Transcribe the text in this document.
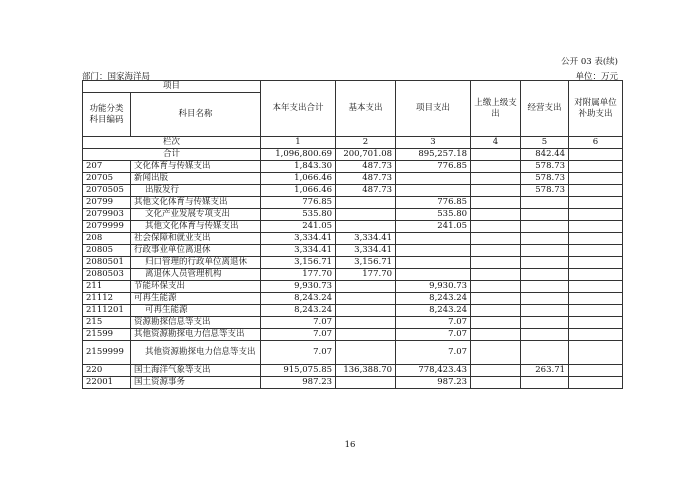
公开 03 表(续)
部门：国家海洋局	单位：万元
项目		本年支出合计	基本支出	项目支出	上缴上级支出	经营支出	对附属单位补助支出
功能分类科目编码	科目名称						
栏次		1	2	3	4	5	6
合计		1,096,800.69	200,701.08	895,257.18		842.44	
207	文化体育与传媒支出	1,843.30	487.73	776.85		578.73	
20705	新闻出版	1,066.46	487.73			578.73	
2070505	出版发行	1,066.46	487.73			578.73	
20799	其他文化体育与传媒支出	776.85		776.85			
2079903	文化产业发展专项支出	535.80		535.80			
2079999	其他文化体育与传媒支出	241.05		241.05			
208	社会保障和就业支出	3,334.41	3,334.41				
20805	行政事业单位离退休	3,334.41	3,334.41				
2080501	归口管理的行政单位离退休	3,156.71	3,156.71				
2080503	离退休人员管理机构	177.70	177.70				
211	节能环保支出	9,930.73		9,930.73			
21112	可再生能源	8,243.24		8,243.24			
2111201	可再生能源	8,243.24		8,243.24			
215	资源勘探信息等支出	7.07		7.07			
21599	其他资源勘探电力信息等支出	7.07		7.07			
2159999	其他资源勘探电力信息等支出	7.07		7.07			
220	国土海洋气象等支出	915,075.85	136,388.70	778,423.43		263.71	
22001	国土资源事务	987.23		987.23			
16
